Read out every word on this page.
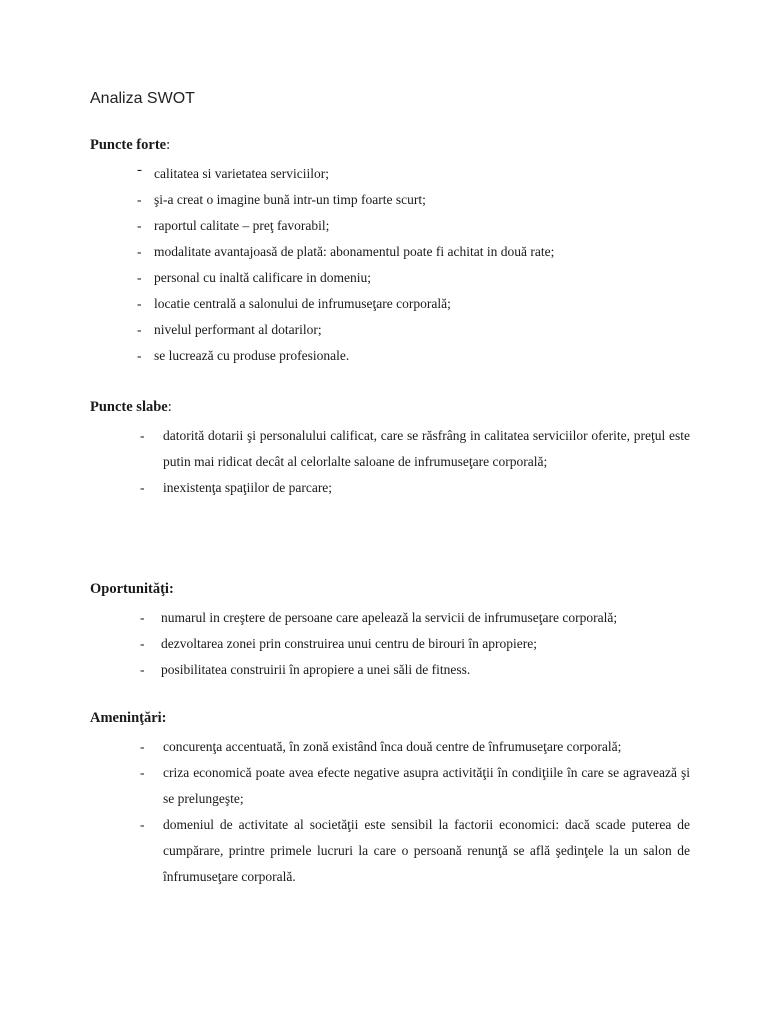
Analiza SWOT

Puncte forte:

- calitatea si varietatea serviciilor;
- şi-a creat o imagine bună intr-un timp foarte scurt;
- raportul calitate – preţ favorabil;
- modalitate avantajoasă de plată: abonamentul poate fi achitat in două rate;
- personal cu inaltă calificare in domeniu;
- locatie centrală a salonului de infrumuseţare corporală;
- nivelul performant al dotarilor;
- se lucrează cu produse profesionale.

Puncte slabe:

- datorită dotarii şi personalului calificat, care se răsfrâng in calitatea serviciilor oferite, preţul este putin mai ridicat decât al celorlalte saloane de infrumuseţare corporală;
- inexistenţa spaţiilor de parcare;

Oportunităţi:

- numarul in creştere de persoane care apelează la servicii de infrumuseţare corporală;
- dezvoltarea zonei prin construirea unui centru de birouri în apropiere;
- posibilitatea construirii în apropiere a unei săli de fitness.

Ameninţări:

- concurenţa accentuată, în zonă existând înca două centre de înfrumuseţare corporală;
- criza economică poate avea efecte negative asupra activităţii în condiţiile în care se agravează şi se prelungeşte;
- domeniul de activitate al societăţii este sensibil la factorii economici: dacă scade puterea de cumpărare, printre primele lucruri la care o persoană renunţă se află şedinţele la un salon de înfrumuseţare corporală.
